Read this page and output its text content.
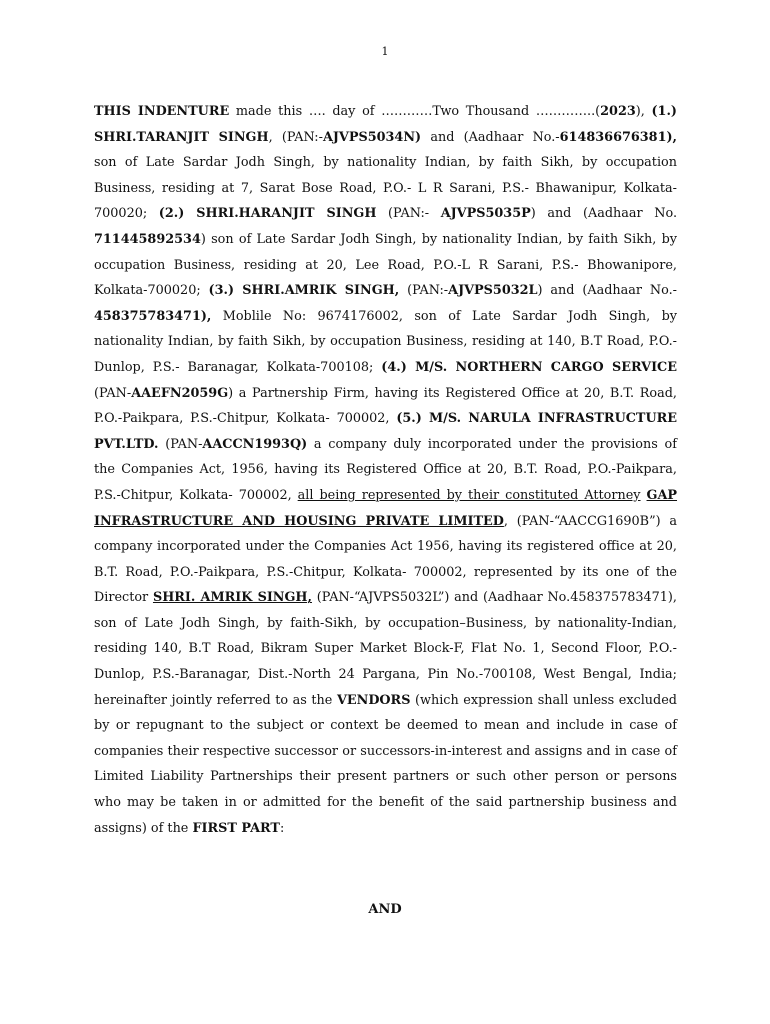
1

THIS INDENTURE made this …. day of …………Two Thousand …………..(2023), (1.) SHRI.TARANJIT SINGH, (PAN:-AJVPS5034N) and (Aadhaar No.-614836676381), son of Late Sardar Jodh Singh, by nationality Indian, by faith Sikh, by occupation Business, residing at 7, Sarat Bose Road, P.O.- L R Sarani, P.S.- Bhawanipur, Kolkata-700020; (2.) SHRI.HARANJIT SINGH (PAN:- AJVPS5035P) and (Aadhaar No. 711445892534) son of Late Sardar Jodh Singh, by nationality Indian, by faith Sikh, by occupation Business, residing at 20, Lee Road, P.O.-L R Sarani, P.S.- Bhowanipore, Kolkata-700020; (3.) SHRI.AMRIK SINGH, (PAN:-AJVPS5032L) and (Aadhaar No.- 458375783471), Moblile No: 9674176002, son of Late Sardar Jodh Singh, by nationality Indian, by faith Sikh, by occupation Business, residing at 140, B.T Road, P.O.- Dunlop, P.S.- Baranagar, Kolkata-700108; (4.) M/S. NORTHERN CARGO SERVICE (PAN-AAEFN2059G) a Partnership Firm, having its Registered Office at 20, B.T. Road, P.O.-Paikpara, P.S.-Chitpur, Kolkata- 700002, (5.) M/S. NARULA INFRASTRUCTURE PVT.LTD. (PAN-AACCN1993Q) a company duly incorporated under the provisions of the Companies Act, 1956, having its Registered Office at 20, B.T. Road, P.O.-Paikpara, P.S.-Chitpur, Kolkata- 700002, all being represented by their constituted Attorney GAP INFRASTRUCTURE AND HOUSING PRIVATE LIMITED, (PAN-“AACCG1690B”) a company incorporated under the Companies Act 1956, having its registered office at 20, B.T. Road, P.O.-Paikpara, P.S.-Chitpur, Kolkata- 700002, represented by its one of the Director SHRI. AMRIK SINGH, (PAN-“AJVPS5032L”) and (Aadhaar No.458375783471), son of Late Jodh Singh, by faith-Sikh, by occupation–Business, by nationality-Indian, residing 140, B.T Road, Bikram Super Market Block-F, Flat No. 1, Second Floor, P.O.-Dunlop, P.S.-Baranagar, Dist.-North 24 Pargana, Pin No.-700108, West Bengal, India; hereinafter jointly referred to as the VENDORS (which expression shall unless excluded by or repugnant to the subject or context be deemed to mean and include in case of companies their respective successor or successors-in-interest and assigns and in case of Limited Liability Partnerships their present partners or such other person or persons who may be taken in or admitted for the benefit of the said partnership business and assigns) of the FIRST PART:

AND
